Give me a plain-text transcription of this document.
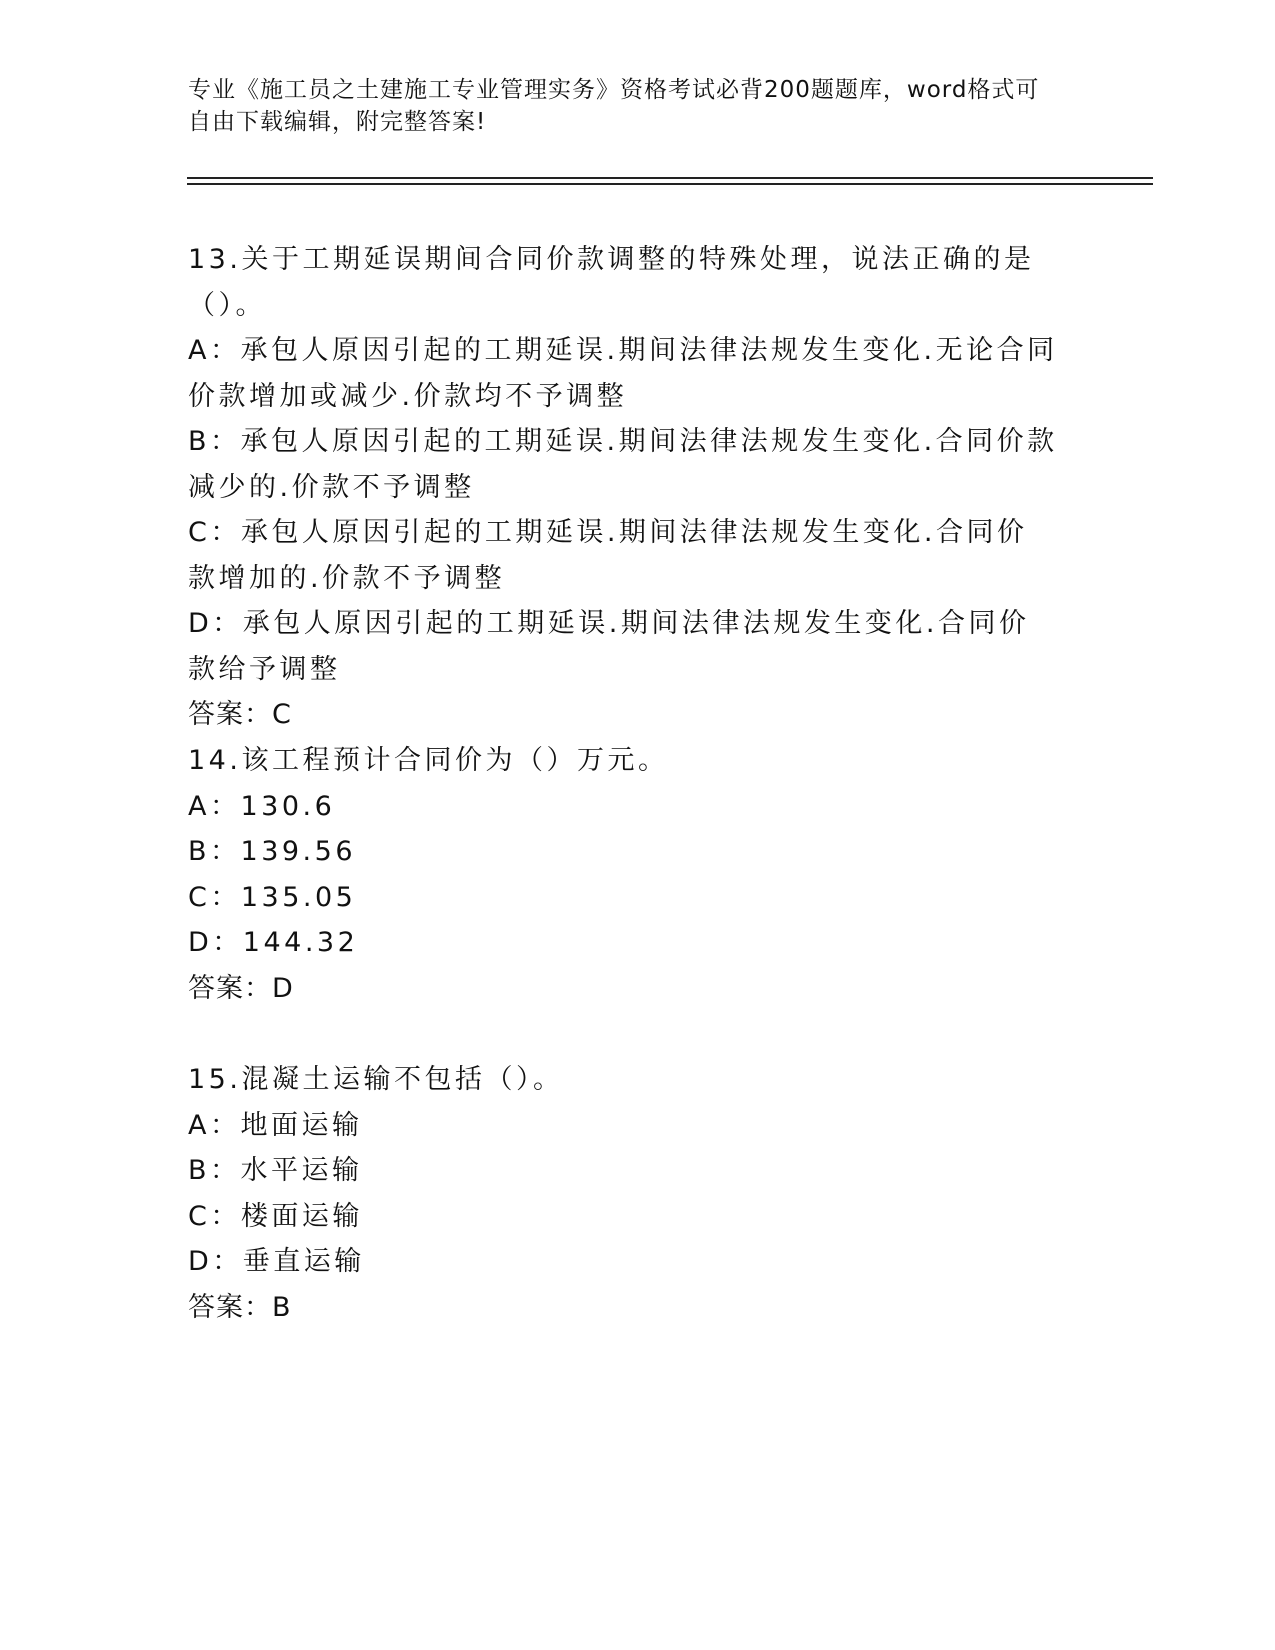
专业《施工员之土建施工专业管理实务》资格考试必背200题题库，word格式可
自由下载编辑，附完整答案!
13.关于工期延误期间合同价款调整的特殊处理，说法正确的是（）。
A：承包人原因引起的工期延误.期间法律法规发生变化.无论合同价款增加或减少.价款均不予调整
B：承包人原因引起的工期延误.期间法律法规发生变化.合同价款减少的.价款不予调整
C：承包人原因引起的工期延误.期间法律法规发生变化.合同价款增加的.价款不予调整
D：承包人原因引起的工期延误.期间法律法规发生变化.合同价款给予调整
答案：C
14.该工程预计合同价为（）万元。
A：130.6
B：139.56
C：135.05
D：144.32
答案：D
15.混凝土运输不包括（）。
A：地面运输
B：水平运输
C：楼面运输
D：垂直运输
答案：B
